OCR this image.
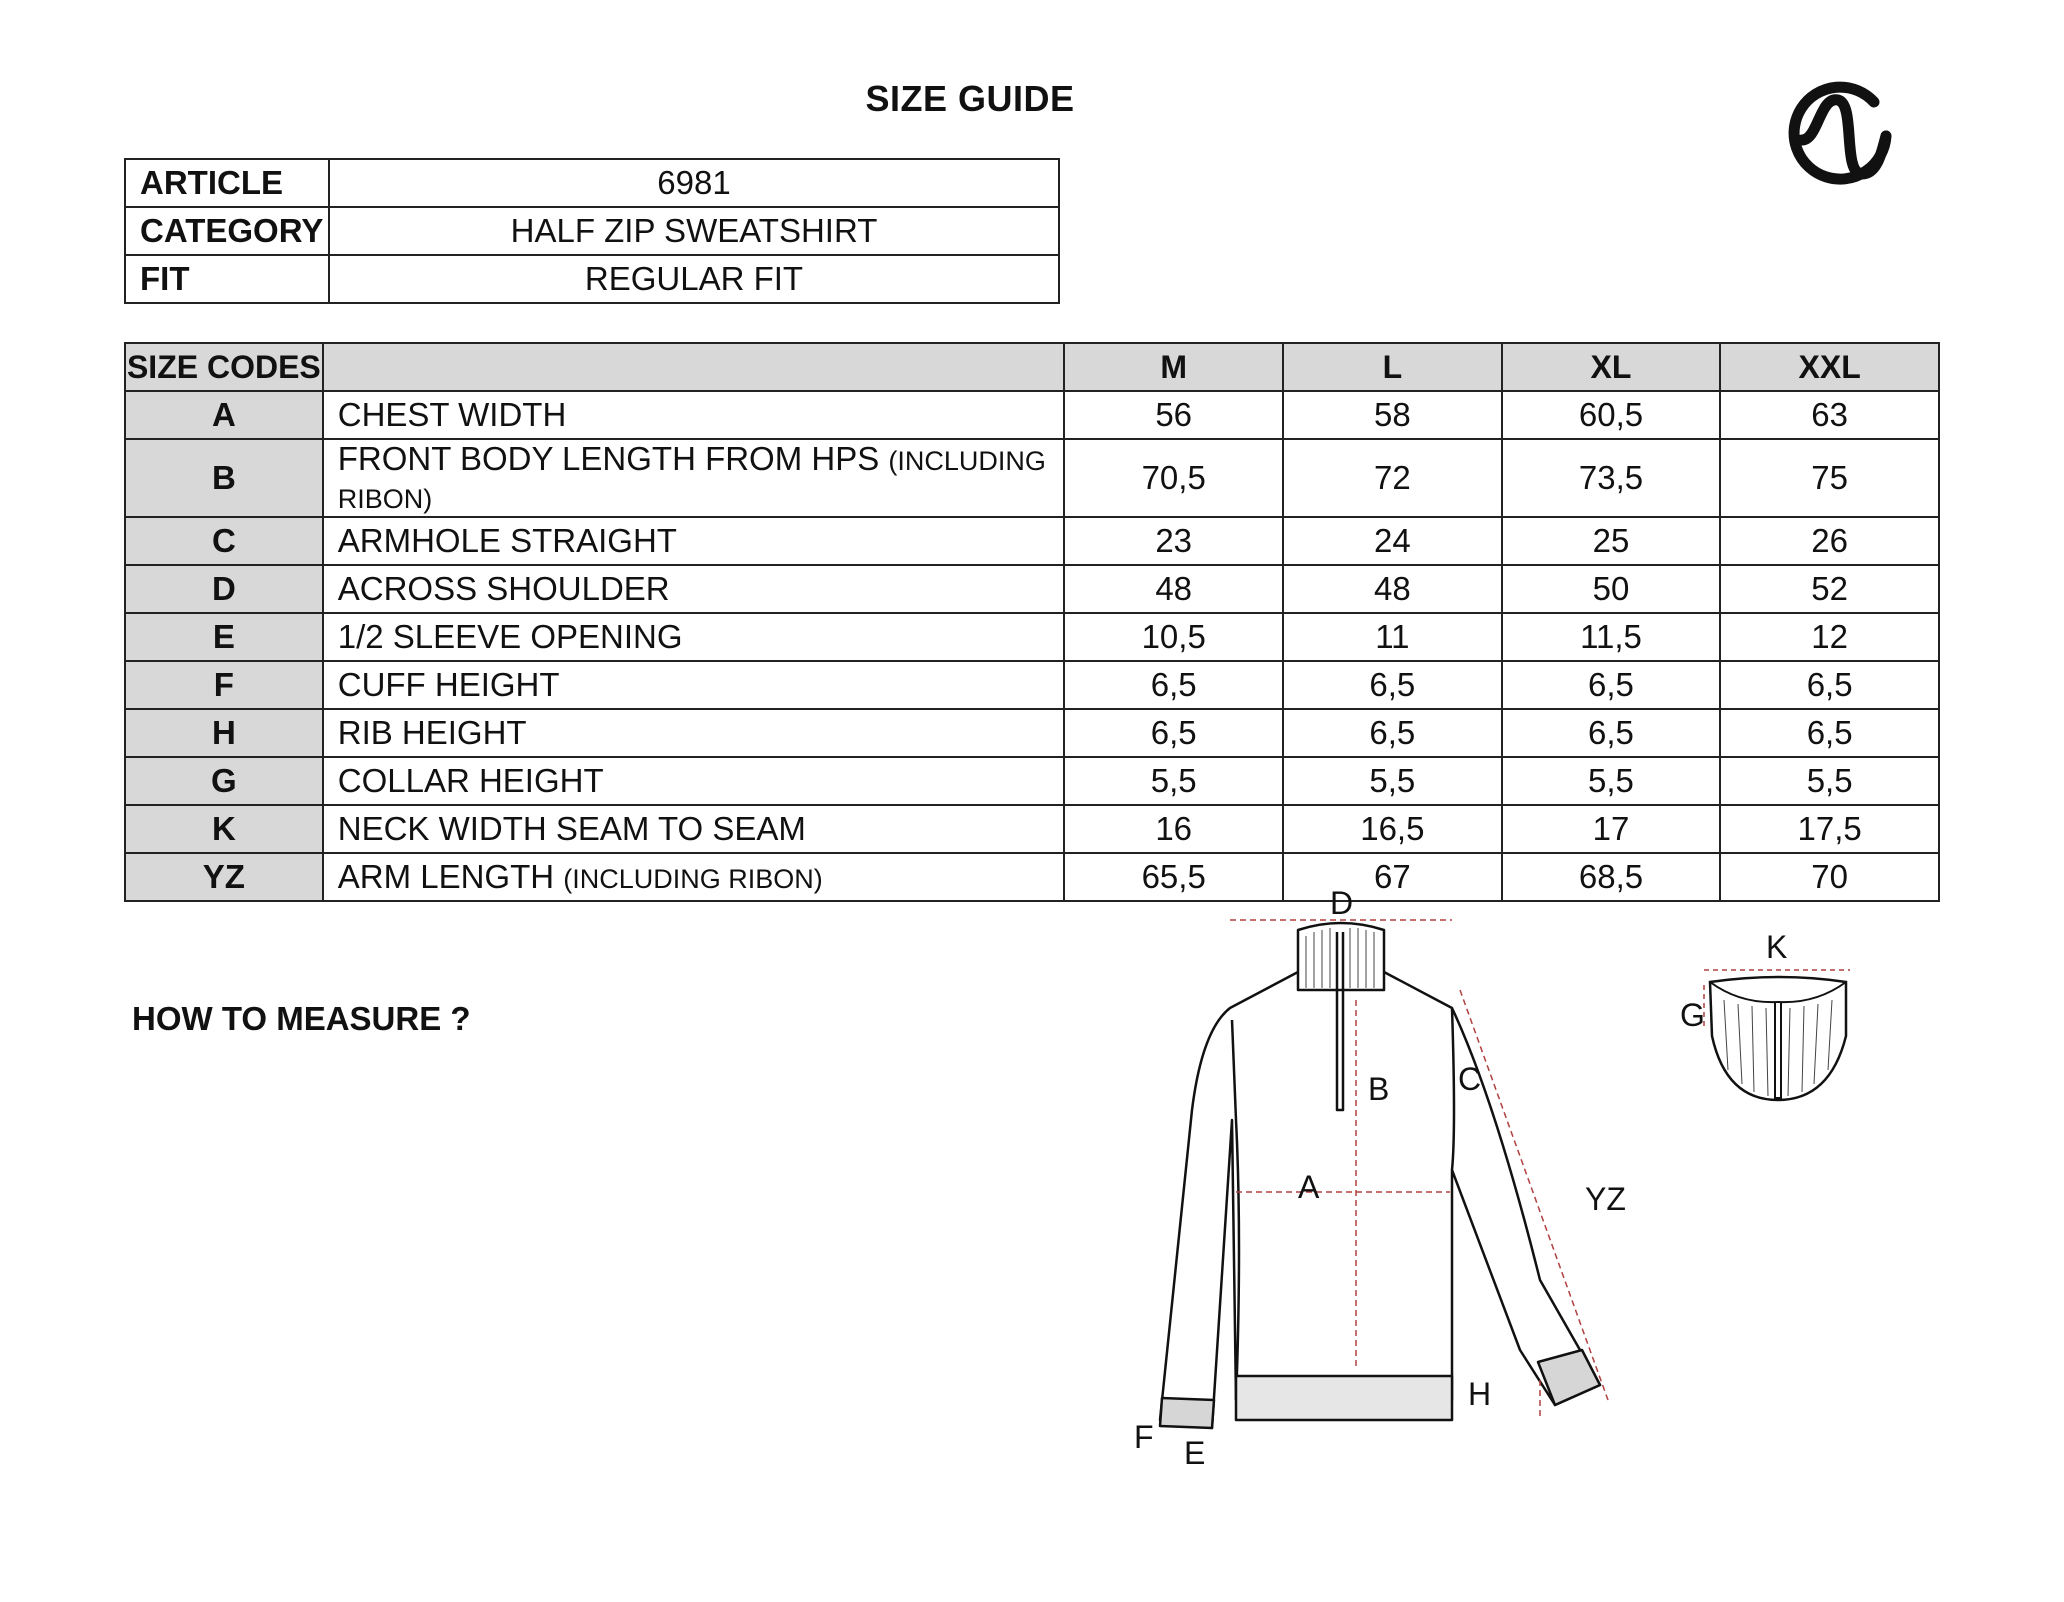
SIZE GUIDE
ARTICLE	6981
CATEGORY	HALF ZIP SWEATSHIRT
FIT	REGULAR FIT
SIZE CODES		M	L	XL	XXL
A	CHEST WIDTH	56	58	60,5	63
B	FRONT BODY LENGTH FROM HPS (INCLUDING RIBON)	70,5	72	73,5	75
C	ARMHOLE STRAIGHT	23	24	25	26
D	ACROSS SHOULDER	48	48	50	52
E	1/2 SLEEVE OPENING	10,5	11	11,5	12
F	CUFF HEIGHT	6,5	6,5	6,5	6,5
H	RIB HEIGHT	6,5	6,5	6,5	6,5
G	COLLAR HEIGHT	5,5	5,5	5,5	5,5
K	NECK WIDTH SEAM TO SEAM	16	16,5	17	17,5
YZ	ARM LENGTH (INCLUDING RIBON)	65,5	67	68,5	70
HOW TO MEASURE ?
D
B C
A	YZ
H
F E
K
G
